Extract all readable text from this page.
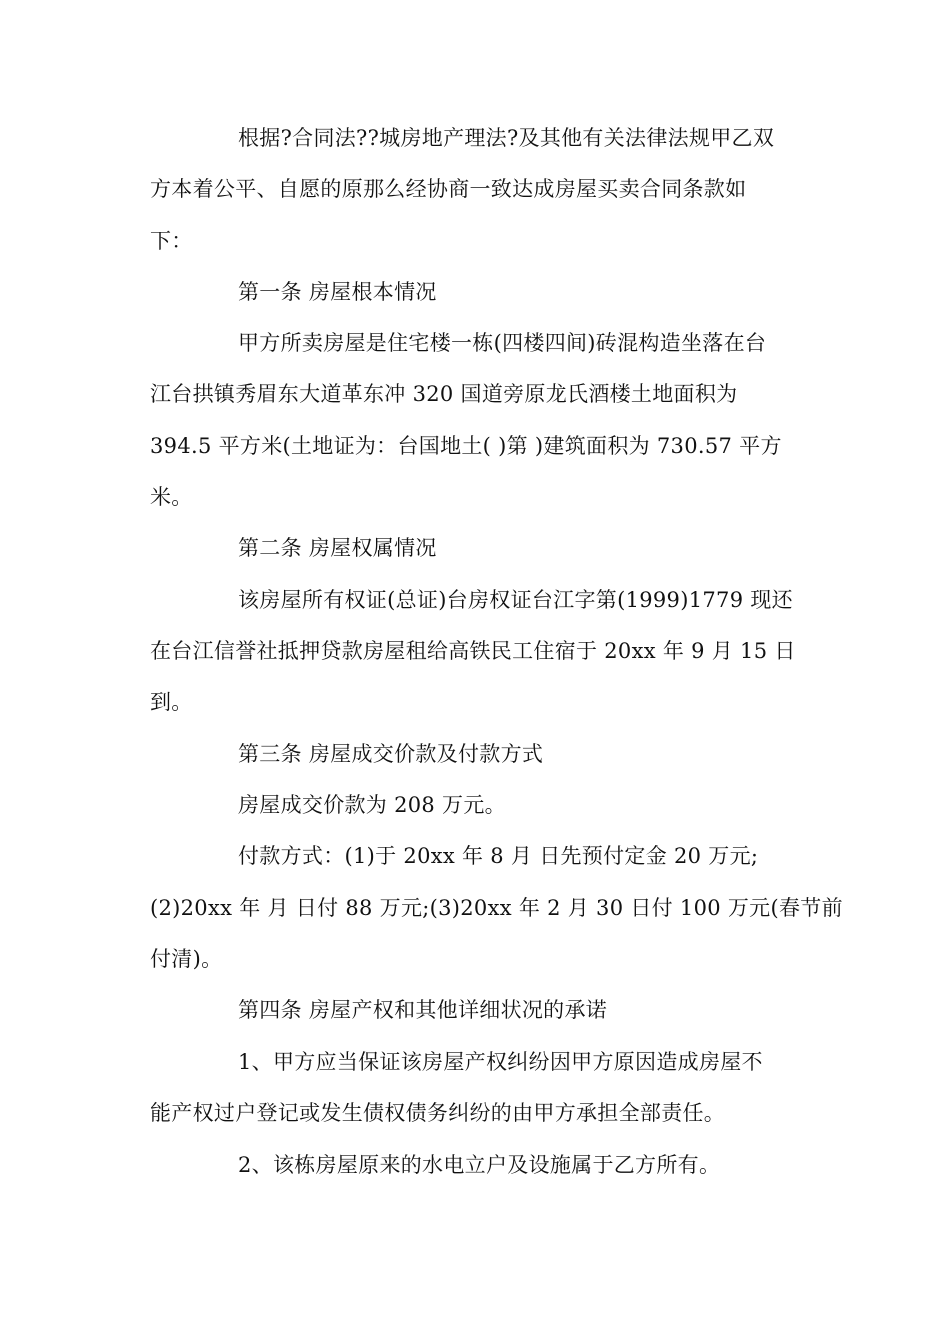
根据?合同法??城房地产理法?及其他有关法律法规甲乙双
方本着公平、自愿的原那么经协商一致达成房屋买卖合同条款如
下：
第一条 房屋根本情况
甲方所卖房屋是住宅楼一栋(四楼四间)砖混构造坐落在台
江台拱镇秀眉东大道革东冲 320 国道旁原龙氏酒楼土地面积为
394.5 平方米(土地证为：台国地土( )第 )建筑面积为 730.57 平方
米。
第二条 房屋权属情况
该房屋所有权证(总证)台房权证台江字第(1999)1779 现还
在台江信誉社抵押贷款房屋租给高铁民工住宿于 20xx 年 9 月 15 日
到。
第三条 房屋成交价款及付款方式
房屋成交价款为 208 万元。
付款方式：(1)于 20xx 年 8 月 日先预付定金 20 万元;
(2)20xx 年 月 日付 88 万元;(3)20xx 年 2 月 30 日付 100 万元(春节前
付清)。
第四条 房屋产权和其他详细状况的承诺
1、甲方应当保证该房屋产权纠纷因甲方原因造成房屋不
能产权过户登记或发生债权债务纠纷的由甲方承担全部责任。
2、该栋房屋原来的水电立户及设施属于乙方所有。
